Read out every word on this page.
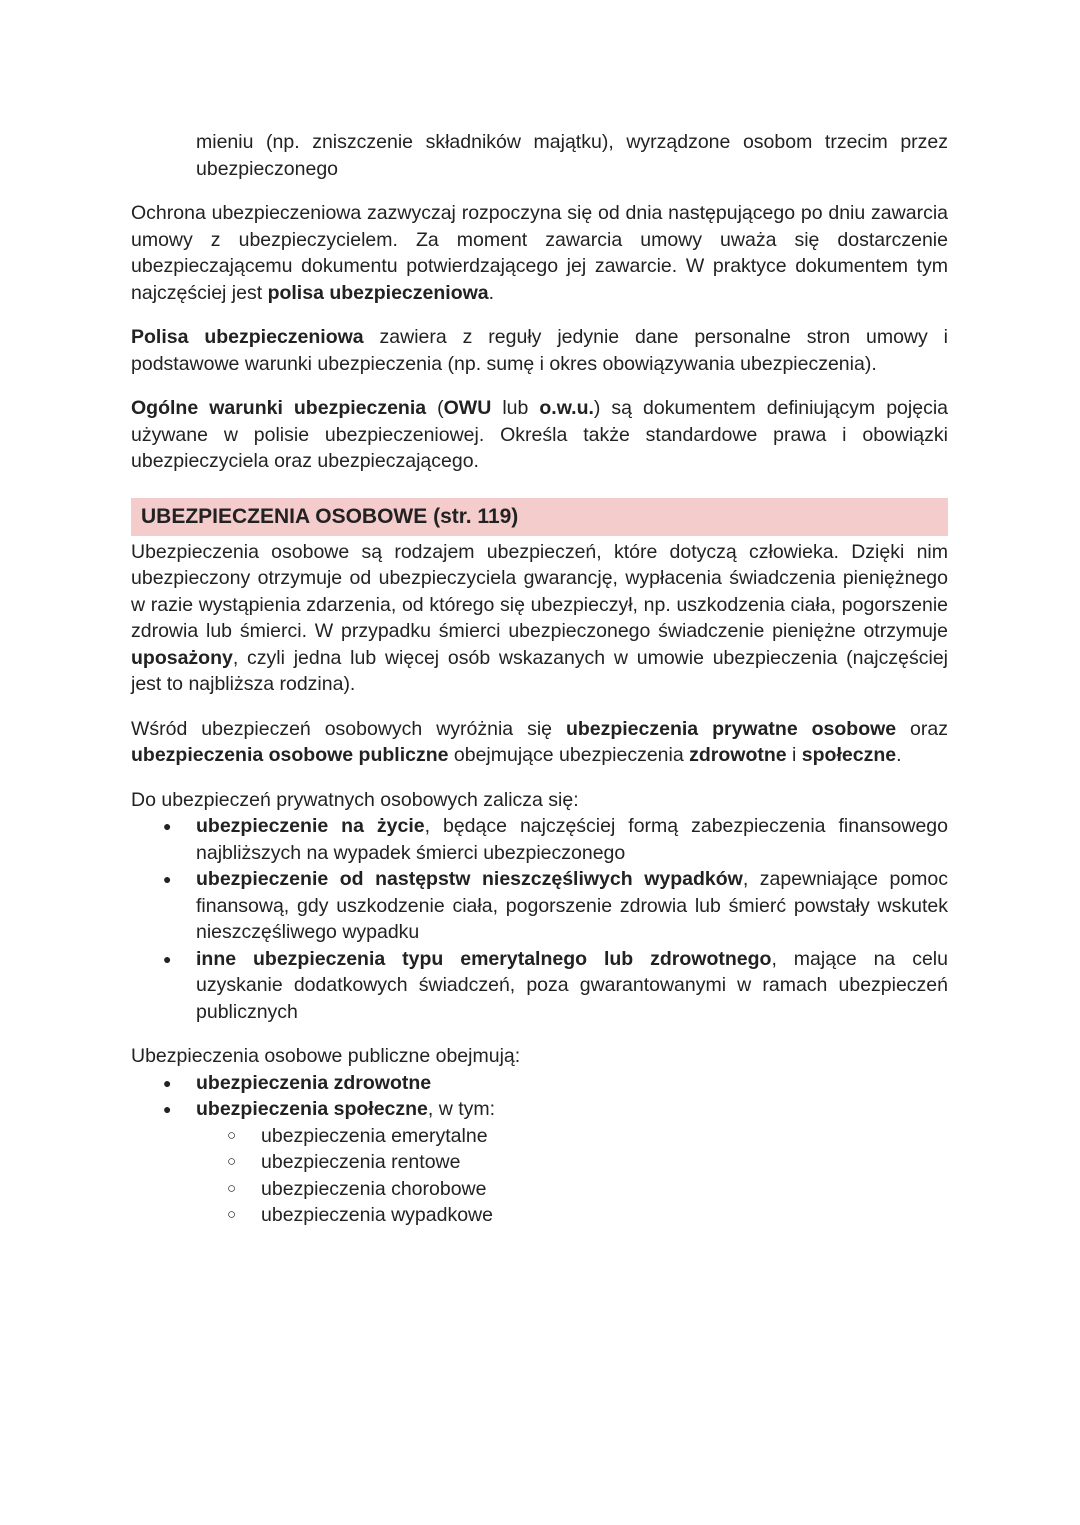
mieniu (np. zniszczenie składników majątku), wyrządzone osobom trzecim przez ubezpieczonego

Ochrona ubezpieczeniowa zazwyczaj rozpoczyna się od dnia następującego po dniu zawarcia umowy z ubezpieczycielem. Za moment zawarcia umowy uważa się dostarczenie ubezpieczającemu dokumentu potwierdzającego jej zawarcie. W praktyce dokumentem tym najczęściej jest polisa ubezpieczeniowa.

Polisa ubezpieczeniowa zawiera z reguły jedynie dane personalne stron umowy i podstawowe warunki ubezpieczenia (np. sumę i okres obowiązywania ubezpieczenia).

Ogólne warunki ubezpieczenia (OWU lub o.w.u.) są dokumentem definiującym pojęcia używane w polisie ubezpieczeniowej. Określa także standardowe prawa i obowiązki ubezpieczyciela oraz ubezpieczającego.

UBEZPIECZENIA OSOBOWE (str. 119)

Ubezpieczenia osobowe są rodzajem ubezpieczeń, które dotyczą człowieka. Dzięki nim ubezpieczony otrzymuje od ubezpieczyciela gwarancję, wypłacenia świadczenia pieniężnego w razie wystąpienia zdarzenia, od którego się ubezpieczył, np. uszkodzenia ciała, pogorszenie zdrowia lub śmierci. W przypadku śmierci ubezpieczonego świadczenie pieniężne otrzymuje uposażony, czyli jedna lub więcej osób wskazanych w umowie ubezpieczenia (najczęściej jest to najbliższa rodzina).

Wśród ubezpieczeń osobowych wyróżnia się ubezpieczenia prywatne osobowe oraz ubezpieczenia osobowe publiczne obejmujące ubezpieczenia zdrowotne i społeczne.

Do ubezpieczeń prywatnych osobowych zalicza się:

● ubezpieczenie na życie, będące najczęściej formą zabezpieczenia finansowego najbliższych na wypadek śmierci ubezpieczonego
● ubezpieczenie od następstw nieszczęśliwych wypadków, zapewniające pomoc finansową, gdy uszkodzenie ciała, pogorszenie zdrowia lub śmierć powstały wskutek nieszczęśliwego wypadku
● inne ubezpieczenia typu emerytalnego lub zdrowotnego, mające na celu uzyskanie dodatkowych świadczeń, poza gwarantowanymi w ramach ubezpieczeń publicznych

Ubezpieczenia osobowe publiczne obejmują:

● ubezpieczenia zdrowotne
● ubezpieczenia społeczne, w tym:
○ ubezpieczenia emerytalne
○ ubezpieczenia rentowe
○ ubezpieczenia chorobowe
○ ubezpieczenia wypadkowe
